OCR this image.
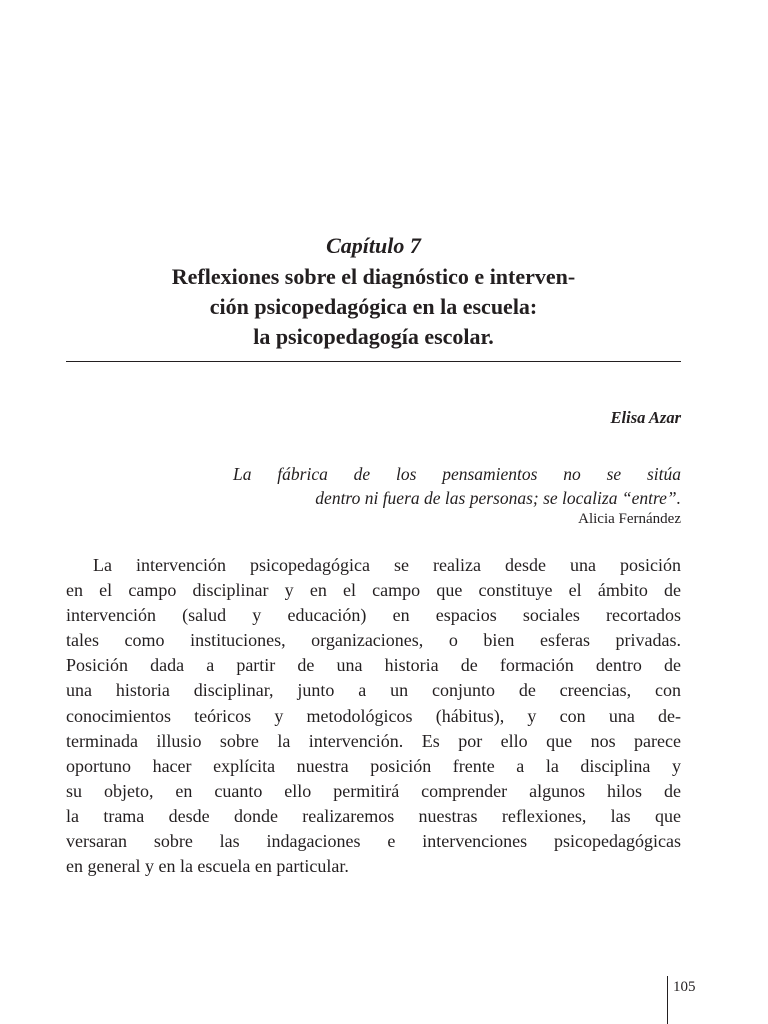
Capítulo 7
Reflexiones sobre el diagnóstico e interven-
ción psicopedagógica en la escuela:
la psicopedagogía escolar.
Elisa Azar
La fábrica de los pensamientos no se sitúa
dentro ni fuera de las personas; se localiza “entre”.
Alicia Fernández
La intervención psicopedagógica se realiza desde una posición
en el campo disciplinar y en el campo que constituye el ámbito de
intervención (salud y educación) en espacios sociales recortados
tales como instituciones, organizaciones, o bien esferas privadas.
Posición dada a partir de una historia de formación dentro de
una historia disciplinar, junto a un conjunto de creencias, con
conocimientos teóricos y metodológicos (hábitus), y con una de-
terminada illusio sobre la intervención. Es por ello que nos parece
oportuno hacer explícita nuestra posición frente a la disciplina y
su objeto, en cuanto ello permitirá comprender algunos hilos de
la trama desde donde realizaremos nuestras reflexiones, las que
versaran sobre las indagaciones e intervenciones psicopedagógicas
en general y en la escuela en particular.
105
